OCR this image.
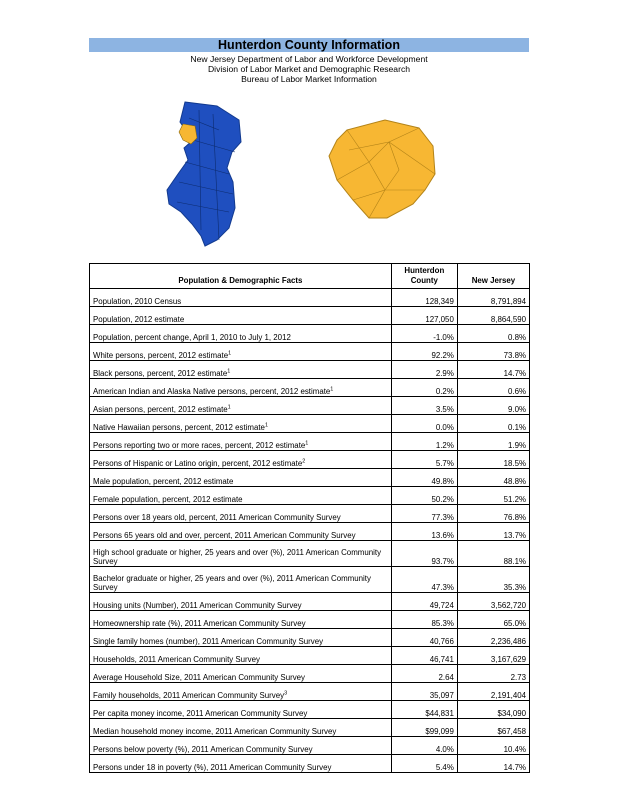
Hunterdon County Information
New Jersey Department of Labor and Workforce Development
Division of Labor Market and Demographic Research
Bureau of Labor Market Information
Population & Demographic Facts	Hunterdon County	New Jersey
Population, 2010 Census	128,349	8,791,894
Population, 2012 estimate	127,050	8,864,590
Population, percent change, April 1, 2010 to July 1, 2012	-1.0%	0.8%
White persons, percent, 2012 estimate$^1$	92.2%	73.8%
Black persons, percent, 2012 estimate$^1$	2.9%	14.7%
American Indian and Alaska Native persons, percent, 2012 estimate$^1$	0.2%	0.6%
Asian persons, percent, 2012 estimate$^1$	3.5%	9.0%
Native Hawaiian persons, percent, 2012 estimate$^1$	0.0%	0.1%
Persons reporting two or more races, percent, 2012 estimate$^1$	1.2%	1.9%
Persons of Hispanic or Latino origin, percent, 2012 estimate$^2$	5.7%	18.5%
Male population, percent, 2012 estimate	49.8%	48.8%
Female population, percent, 2012 estimate	50.2%	51.2%
Persons over 18 years old, percent, 2011 American Community Survey	77.3%	76.8%
Persons 65 years old and over, percent, 2011 American Community Survey	13.6%	13.7%
High school graduate or higher, 25 years and over (%), 2011 American Community Survey	93.7%	88.1%
Bachelor graduate or higher, 25 years and over (%), 2011 American Community Survey	47.3%	35.3%
Housing units (Number), 2011 American Community Survey	49,724	3,562,720
Homeownership rate (%), 2011 American Community Survey	85.3%	65.0%
Single family homes (number), 2011 American Community Survey	40,766	2,236,486
Households, 2011 American Community Survey	46,741	3,167,629
Average Household Size, 2011 American Community Survey	2.64	2.73
Family households, 2011 American Community Survey$^3$	35,097	2,191,404
Per capita money income, 2011 American Community Survey	$44,831	$34,090
Median household money income, 2011 American Community Survey	$99,099	$67,458
Persons below poverty (%), 2011 American Community Survey	4.0%	10.4%
Persons under 18 in poverty (%), 2011 American Community Survey	5.4%	14.7%
